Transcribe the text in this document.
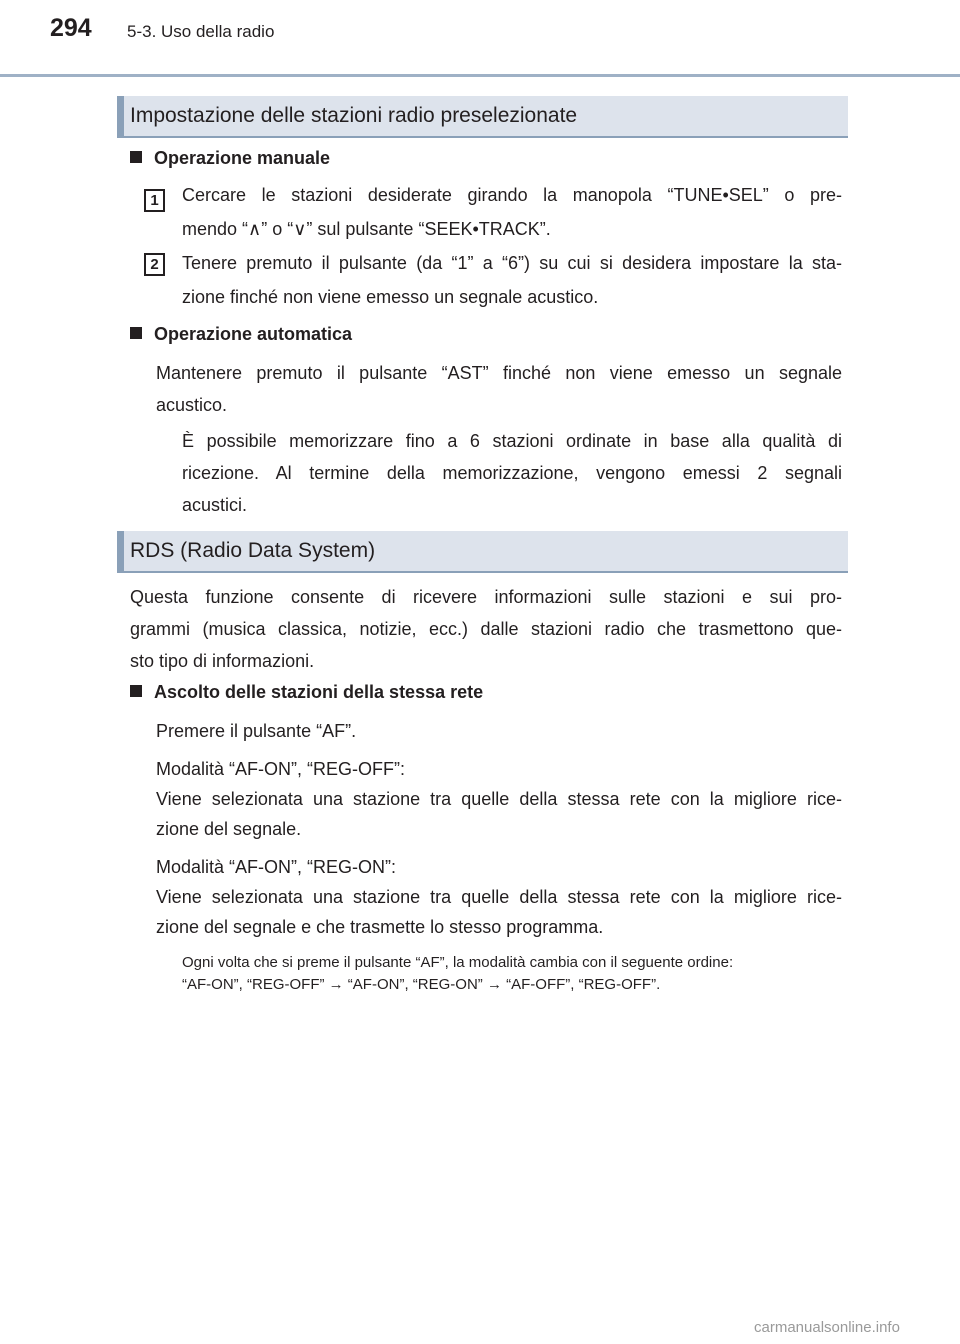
294 5-3. Uso della radio
Impostazione delle stazioni radio preselezionate
Operazione manuale
1	Cercare le stazioni desiderate girando la manopola “TUNE•SEL” o pre-
mendo “∧” o “∨” sul pulsante “SEEK•TRACK”.
2	Tenere premuto il pulsante (da “1” a “6”) su cui si desidera impostare la sta-
zione finché non viene emesso un segnale acustico.
Operazione automatica
Mantenere premuto il pulsante “AST” finché non viene emesso un segnale
acustico.
È possibile memorizzare fino a 6 stazioni ordinate in base alla qualità di
ricezione. Al termine della memorizzazione, vengono emessi 2 segnali
acustici.
RDS (Radio Data System)
Questa funzione consente di ricevere informazioni sulle stazioni e sui pro-
grammi (musica classica, notizie, ecc.) dalle stazioni radio che trasmettono que-
sto tipo di informazioni.
Ascolto delle stazioni della stessa rete
Premere il pulsante “AF”.
Modalità “AF-ON”, “REG-OFF”:
Viene selezionata una stazione tra quelle della stessa rete con la migliore rice-
zione del segnale.
Modalità “AF-ON”, “REG-ON”:
Viene selezionata una stazione tra quelle della stessa rete con la migliore rice-
zione del segnale e che trasmette lo stesso programma.
Ogni volta che si preme il pulsante “AF”, la modalità cambia con il seguente ordine:
“AF-ON”, “REG-OFF” → “AF-ON”, “REG-ON” → “AF-OFF”, “REG-OFF”.
carmanualsonline.info
